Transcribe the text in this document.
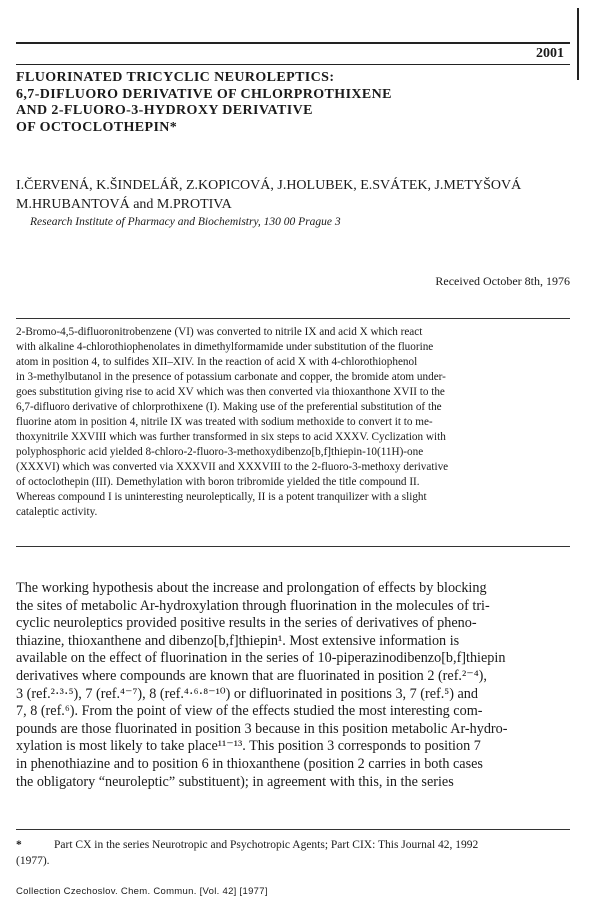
2001
FLUORINATED TRICYCLIC NEUROLEPTICS:
6,7-DIFLUORO DERIVATIVE OF CHLORPROTHIXENE
AND 2-FLUORO-3-HYDROXY DERIVATIVE
OF OCTOCLOTHEPIN*
I.ČERVENÁ, K.ŠINDELÁŘ, Z.KOPICOVÁ, J.HOLUBEK, E.SVÁTEK, J.METYŠOVÁ
M.HRUBANTOVÁ and M.PROTIVA
Research Institute of Pharmacy and Biochemistry, 130 00 Prague 3
Received October 8th, 1976
2-Bromo-4,5-difluoronitrobenzene (VI) was converted to nitrile IX and acid X which react
with alkaline 4-chlorothiophenolates in dimethylformamide under substitution of the fluorine
atom in position 4, to sulfides XII–XIV. In the reaction of acid X with 4-chlorothiophenol
in 3-methylbutanol in the presence of potassium carbonate and copper, the bromide atom under-
goes substitution giving rise to acid XV which was then converted via thioxanthone XVII to the
6,7-difluoro derivative of chlorprothixene (I). Making use of the preferential substitution of the
fluorine atom in position 4, nitrile IX was treated with sodium methoxide to convert it to me-
thoxynitrile XXVIII which was further transformed in six steps to acid XXXV. Cyclization with
polyphosphoric acid yielded 8-chloro-2-fluoro-3-methoxydibenzo[b,f]thiepin-10(11H)-one
(XXXVI) which was converted via XXXVII and XXXVIII to the 2-fluoro-3-methoxy derivative
of octoclothepin (III). Demethylation with boron tribromide yielded the title compound II.
Whereas compound I is uninteresting neuroleptically, II is a potent tranquilizer with a slight
cataleptic activity.
The working hypothesis about the increase and prolongation of effects by blocking
the sites of metabolic Ar-hydroxylation through fluorination in the molecules of tri-
cyclic neuroleptics provided positive results in the series of derivatives of pheno-
thiazine, thioxanthene and dibenzo[b,f]thiepin¹. Most extensive information is
available on the effect of fluorination in the series of 10-piperazinodibenzo[b,f]thiepin
derivatives where compounds are known that are fluorinated in position 2 (ref.²⁻⁴),
3 (ref.²·³·⁵), 7 (ref.⁴⁻⁷), 8 (ref.⁴·⁶·⁸⁻¹⁰) or difluorinated in positions 3, 7 (ref.⁵) and
7, 8 (ref.⁶). From the point of view of the effects studied the most interesting com-
pounds are those fluorinated in position 3 because in this position metabolic Ar-hydro-
xylation is most likely to take place¹¹⁻¹³. This position 3 corresponds to position 7
in phenothiazine and to position 6 in thioxanthene (position 2 carries in both cases
the obligatory “neuroleptic” substituent); in agreement with this, in the series
*	Part CX in the series Neurotropic and Psychotropic Agents; Part CIX: This Journal 42, 1992
(1977).
Collection Czechoslov. Chem. Commun. [Vol. 42] [1977]
